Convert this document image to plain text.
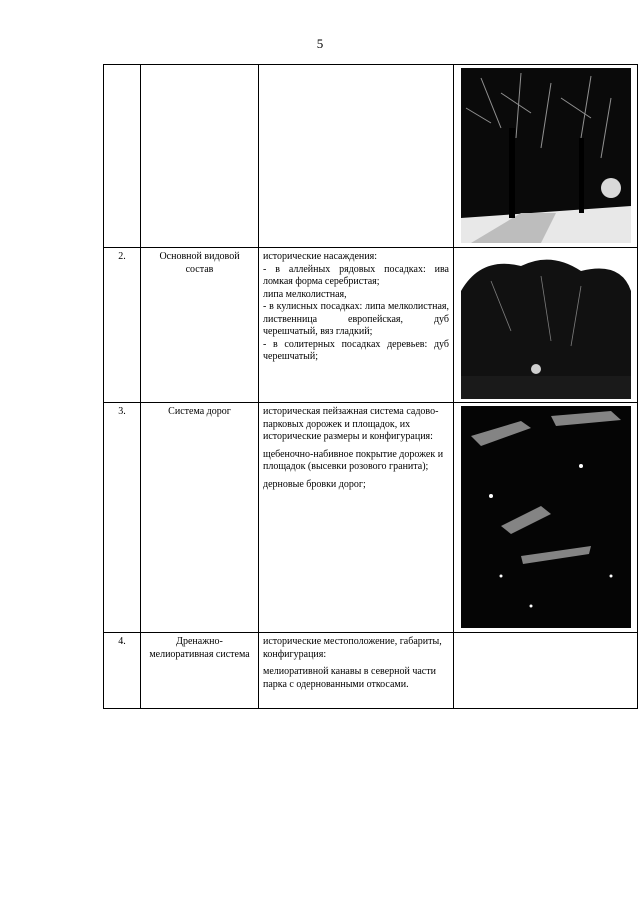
5

2.	Основной видовой состав	исторические насаждения:

- в аллейных рядовых посадках: ива ломкая форма серебристая;

липа мелколистная,

- в кулисных посадках: липа мелколистная, лиственница европейская, дуб черешчатый, вяз гладкий;

- в солитерных посадках деревьев: дуб черешчатый;

3.	Система дорог	историческая пейзажная система садово-парковых дорожек и площадок, их исторические размеры и конфигурация:

щебеночно-набивное покрытие дорожек и площадок (высевки розового гранита);

дерновые бровки дорог;

4.	Дренажно-мелиоративная система	исторические местоположение, габариты, конфигурация:

мелиоративной канавы в северной части парка с одернованными откосами.	
